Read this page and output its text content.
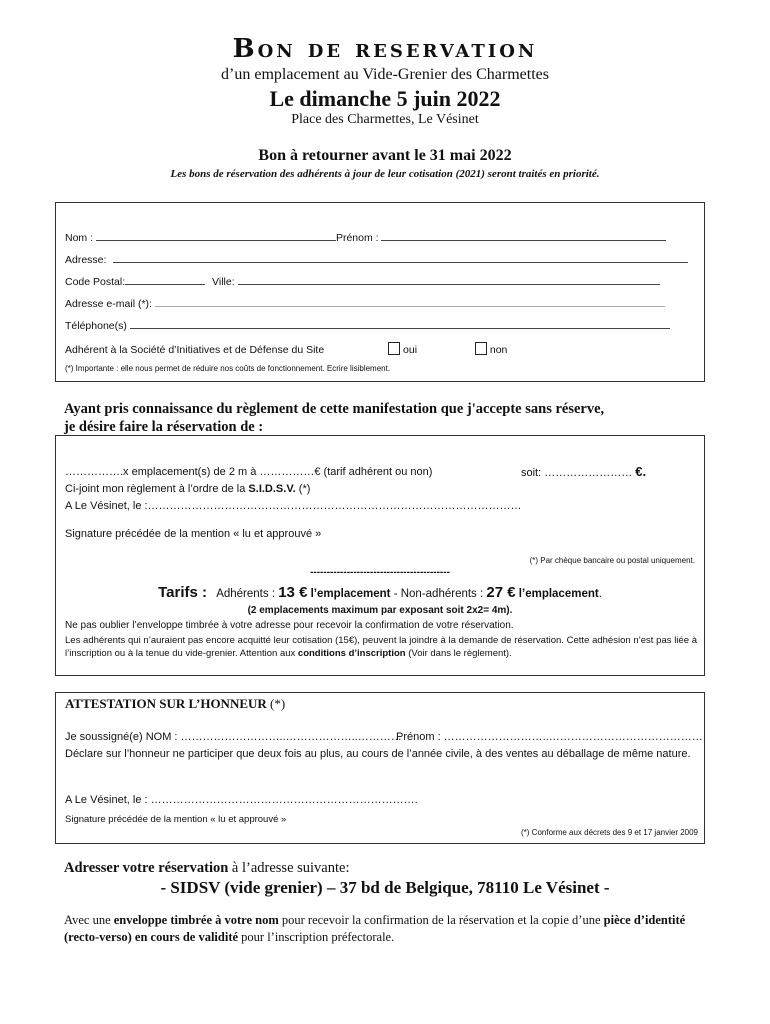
Bon de reservation
d’un emplacement au Vide-Grenier des Charmettes
Le dimanche 5 juin 2022
Place des Charmettes, Le Vésinet
Bon à retourner avant le 31 mai 2022
Les bons de réservation des adhérents à jour de leur cotisation (2021) seront traités en priorité.
Nom :	Prénom :
Adresse:
Code Postal:	Ville:
Adresse e-mail (*):
Téléphone(s)
Adhérent à la Société d’Initiatives et de Défense du Site	oui	non
(*) Importante : elle nous permet de réduire nos coûts de fonctionnement. Ecrire lisiblement.
Ayant pris connaissance du règlement de cette manifestation que j'accepte sans réserve,
je désire faire la réservation de :
…………….x emplacement(s) de 2 m à ……………€ (tarif adhérent ou non)	soit: …………………… €.
Ci-joint mon règlement à l’ordre de la S.I.D.S.V. (*)
A Le Vésinet, le :…………………………………………………………………………………………
Signature précédée de la mention « lu et approuvé »
(*) Par chèque bancaire ou postal uniquement.
------------------------------------------
Tarifs : Adhérents : 13 € l’emplacement - Non-adhérents : 27 € l’emplacement.
(2 emplacements maximum par exposant soit 2x2= 4m).
Ne pas oublier l’enveloppe timbrée à votre adresse pour recevoir la confirmation de votre réservation.
Les adhérents qui n’auraient pas encore acquitté leur cotisation (15€), peuvent la joindre à la demande de réservation. Cette adhésion n’est pas liée à l’inscription ou à la tenue du vide-grenier. Attention aux conditions d’inscription (Voir dans le règlement).
ATTESTATION SUR L’HONNEUR (*)
Je soussigné(e) NOM : ………………………..………………..…………
Prénom : ………………………..……………………………………
Déclare sur l’honneur ne participer que deux fois au plus, au cours de l’année civile, à des ventes au déballage de même nature.
A Le Vésinet, le : ……………………………………………………………….
Signature précédée de la mention « lu et approuvé »
(*) Conforme aux décrets des 9 et 17 janvier 2009
Adresser votre réservation à l’adresse suivante:
- SIDSV (vide grenier) – 37 bd de Belgique, 78110 Le Vésinet -
Avec une enveloppe timbrée à votre nom pour recevoir la confirmation de la réservation et la copie d’une pièce d’identité (recto-verso) en cours de validité pour l’inscription préfectorale.
